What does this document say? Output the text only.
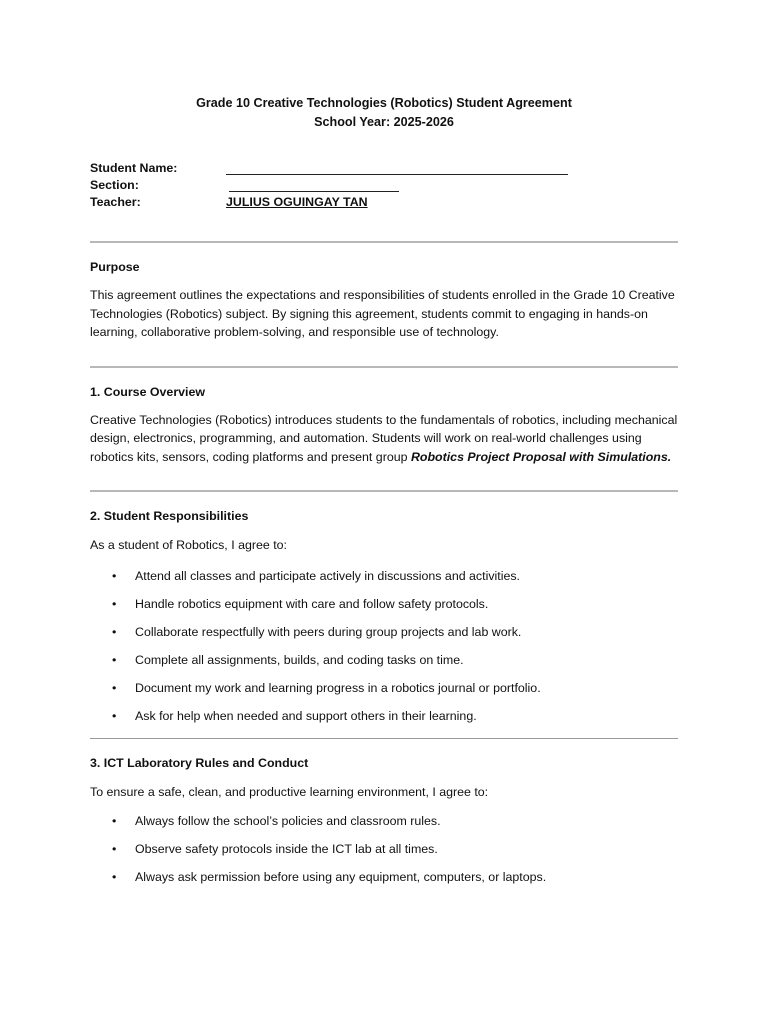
Grade 10 Creative Technologies (Robotics) Student Agreement
School Year: 2025-2026
Student Name:
Section:
Teacher:	JULIUS OGUINGAY TAN
Purpose

This agreement outlines the expectations and responsibilities of students enrolled in the Grade 10 Creative Technologies (Robotics) subject. By signing this agreement, students commit to engaging in hands-on learning, collaborative problem-solving, and responsible use of technology.

1. Course Overview

Creative Technologies (Robotics) introduces students to the fundamentals of robotics, including mechanical design, electronics, programming, and automation. Students will work on real-world challenges using robotics kits, sensors, coding platforms and present group Robotics Project Proposal with Simulations.

2. Student Responsibilities

As a student of Robotics, I agree to:

• Attend all classes and participate actively in discussions and activities.
• Handle robotics equipment with care and follow safety protocols.
• Collaborate respectfully with peers during group projects and lab work.
• Complete all assignments, builds, and coding tasks on time.
• Document my work and learning progress in a robotics journal or portfolio.
• Ask for help when needed and support others in their learning.
3. ICT Laboratory Rules and Conduct

To ensure a safe, clean, and productive learning environment, I agree to:

• Always follow the school’s policies and classroom rules.
• Observe safety protocols inside the ICT lab at all times.
• Always ask permission before using any equipment, computers, or laptops.
